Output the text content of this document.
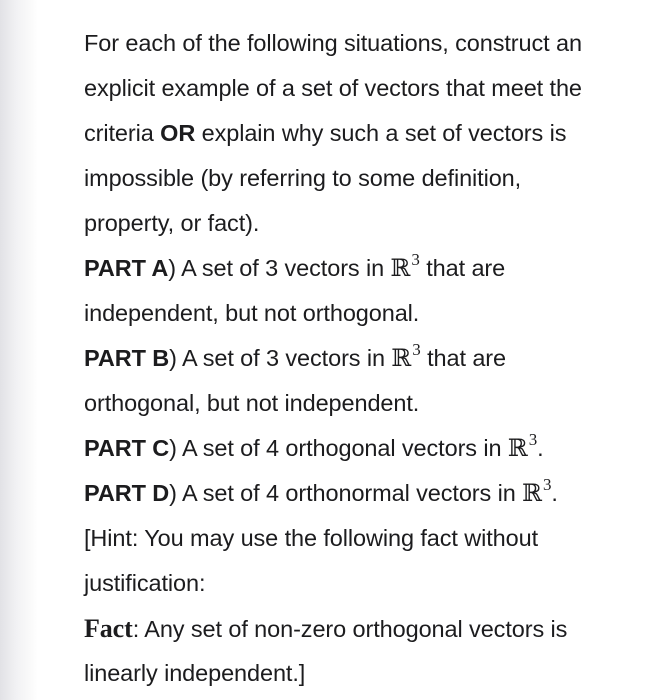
For each of the following situations, construct an
explicit example of a set of vectors that meet the
criteria OR explain why such a set of vectors is
impossible (by referring to some definition,
property, or fact).
PART A) A set of 3 vectors in ℝ$^3$ that are
independent, but not orthogonal.
PART B) A set of 3 vectors in ℝ$^3$ that are
orthogonal, but not independent.
PART C) A set of 4 orthogonal vectors in ℝ$^3$.
PART D) A set of 4 orthonormal vectors in ℝ$^3$.
[Hint: You may use the following fact without
justification:
Fact: Any set of non-zero orthogonal vectors is
linearly independent.]
